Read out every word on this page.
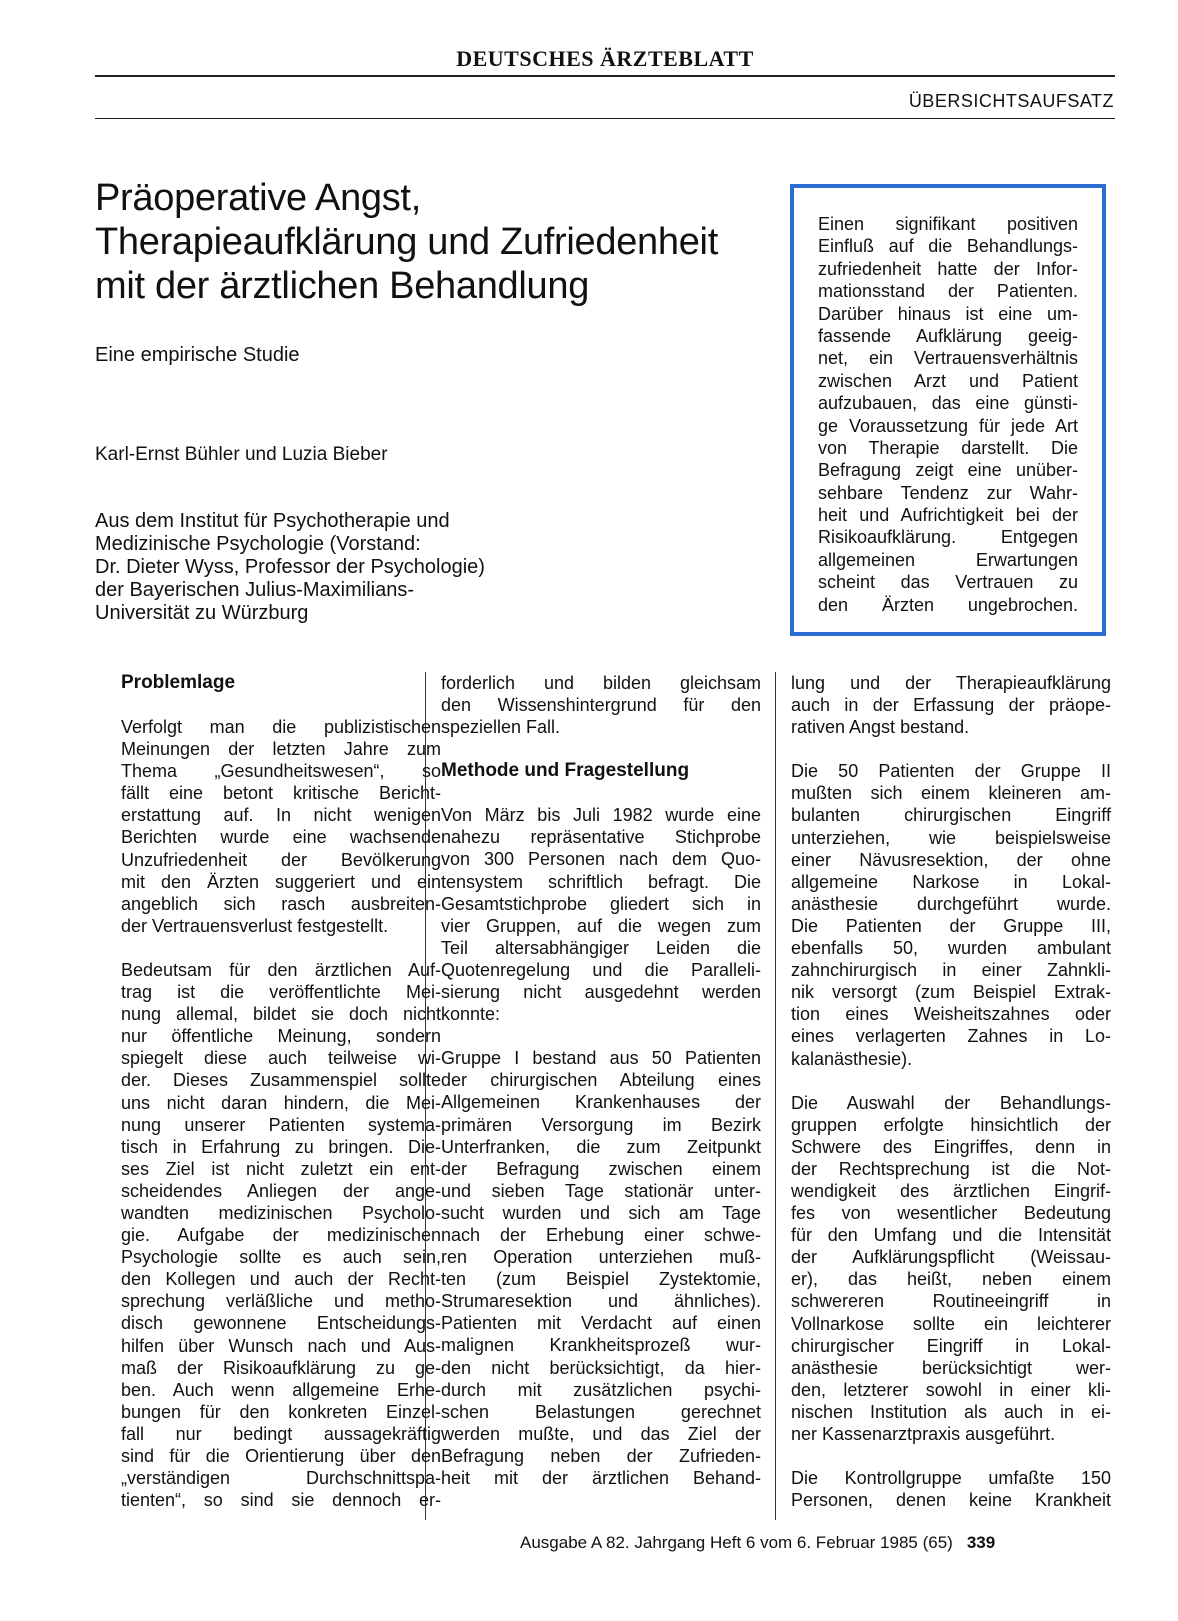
DEUTSCHES ÄRZTEBLATT
ÜBERSICHTSAUFSATZ
Präoperative Angst,
Therapieaufklärung und Zufriedenheit
mit der ärztlichen Behandlung
Eine empirische Studie
Karl-Ernst Bühler und Luzia Bieber
Aus dem Institut für Psychotherapie und
Medizinische Psychologie (Vorstand:
Dr. Dieter Wyss, Professor der Psychologie)
der Bayerischen Julius-Maximilians-
Universität zu Würzburg
Einen signifikant positiven
Einfluß auf die Behandlungs-
zufriedenheit hatte der Infor-
mationsstand der Patienten.
Darüber hinaus ist eine um-
fassende Aufklärung geeig-
net, ein Vertrauensverhältnis
zwischen Arzt und Patient
aufzubauen, das eine günsti-
ge Voraussetzung für jede Art
von Therapie darstellt. Die
Befragung zeigt eine unüber-
sehbare Tendenz zur Wahr-
heit und Aufrichtigkeit bei der
Risikoaufklärung. Entgegen
allgemeinen Erwartungen
scheint das Vertrauen zu
den Ärzten ungebrochen.
Problemlage
Verfolgt man die publizistischen
Meinungen der letzten Jahre zum
Thema „Gesundheitswesen“, so
fällt eine betont kritische Bericht-
erstattung auf. In nicht wenigen
Berichten wurde eine wachsende
Unzufriedenheit der Bevölkerung
mit den Ärzten suggeriert und ein
angeblich sich rasch ausbreiten-
der Vertrauensverlust festgestellt.
Bedeutsam für den ärztlichen Auf-
trag ist die veröffentlichte Mei-
nung allemal, bildet sie doch nicht
nur öffentliche Meinung, sondern
spiegelt diese auch teilweise wi-
der. Dieses Zusammenspiel sollte
uns nicht daran hindern, die Mei-
nung unserer Patienten systema-
tisch in Erfahrung zu bringen. Die-
ses Ziel ist nicht zuletzt ein ent-
scheidendes Anliegen der ange-
wandten medizinischen Psycholo-
gie. Aufgabe der medizinischen
Psychologie sollte es auch sein,
den Kollegen und auch der Recht-
sprechung verläßliche und metho-
disch gewonnene Entscheidungs-
hilfen über Wunsch nach und Aus-
maß der Risikoaufklärung zu ge-
ben. Auch wenn allgemeine Erhe-
bungen für den konkreten Einzel-
fall nur bedingt aussagekräftig
sind für die Orientierung über den
„verständigen Durchschnittspa-
tienten“, so sind sie dennoch er-
forderlich und bilden gleichsam
den Wissenshintergrund für den
speziellen Fall.
Methode und Fragestellung
Von März bis Juli 1982 wurde eine
nahezu repräsentative Stichprobe
von 300 Personen nach dem Quo-
tensystem schriftlich befragt. Die
Gesamtstichprobe gliedert sich in
vier Gruppen, auf die wegen zum
Teil altersabhängiger Leiden die
Quotenregelung und die Paralleli-
sierung nicht ausgedehnt werden
konnte:
Gruppe I bestand aus 50 Patienten
der chirurgischen Abteilung eines
Allgemeinen Krankenhauses der
primären Versorgung im Bezirk
Unterfranken, die zum Zeitpunkt
der Befragung zwischen einem
und sieben Tage stationär unter-
sucht wurden und sich am Tage
nach der Erhebung einer schwe-
ren Operation unterziehen muß-
ten (zum Beispiel Zystektomie,
Strumaresektion und ähnliches).
Patienten mit Verdacht auf einen
malignen Krankheitsprozeß wur-
den nicht berücksichtigt, da hier-
durch mit zusätzlichen psychi-
schen Belastungen gerechnet
werden mußte, und das Ziel der
Befragung neben der Zufrieden-
heit mit der ärztlichen Behand-
lung und der Therapieaufklärung
auch in der Erfassung der präope-
rativen Angst bestand.
Die 50 Patienten der Gruppe II
mußten sich einem kleineren am-
bulanten chirurgischen Eingriff
unterziehen, wie beispielsweise
einer Nävusresektion, der ohne
allgemeine Narkose in Lokal-
anästhesie durchgeführt wurde.
Die Patienten der Gruppe III,
ebenfalls 50, wurden ambulant
zahnchirurgisch in einer Zahnkli-
nik versorgt (zum Beispiel Extrak-
tion eines Weisheitszahnes oder
eines verlagerten Zahnes in Lo-
kalanästhesie).
Die Auswahl der Behandlungs-
gruppen erfolgte hinsichtlich der
Schwere des Eingriffes, denn in
der Rechtsprechung ist die Not-
wendigkeit des ärztlichen Eingrif-
fes von wesentlicher Bedeutung
für den Umfang und die Intensität
der Aufklärungspflicht (Weissau-
er), das heißt, neben einem
schwereren Routineeingriff in
Vollnarkose sollte ein leichterer
chirurgischer Eingriff in Lokal-
anästhesie berücksichtigt wer-
den, letzterer sowohl in einer kli-
nischen Institution als auch in ei-
ner Kassenarztpraxis ausgeführt.
Die Kontrollgruppe umfaßte 150
Personen, denen keine Krankheit
Ausgabe A 82. Jahrgang Heft 6 vom 6. Februar 1985 (65) 339
